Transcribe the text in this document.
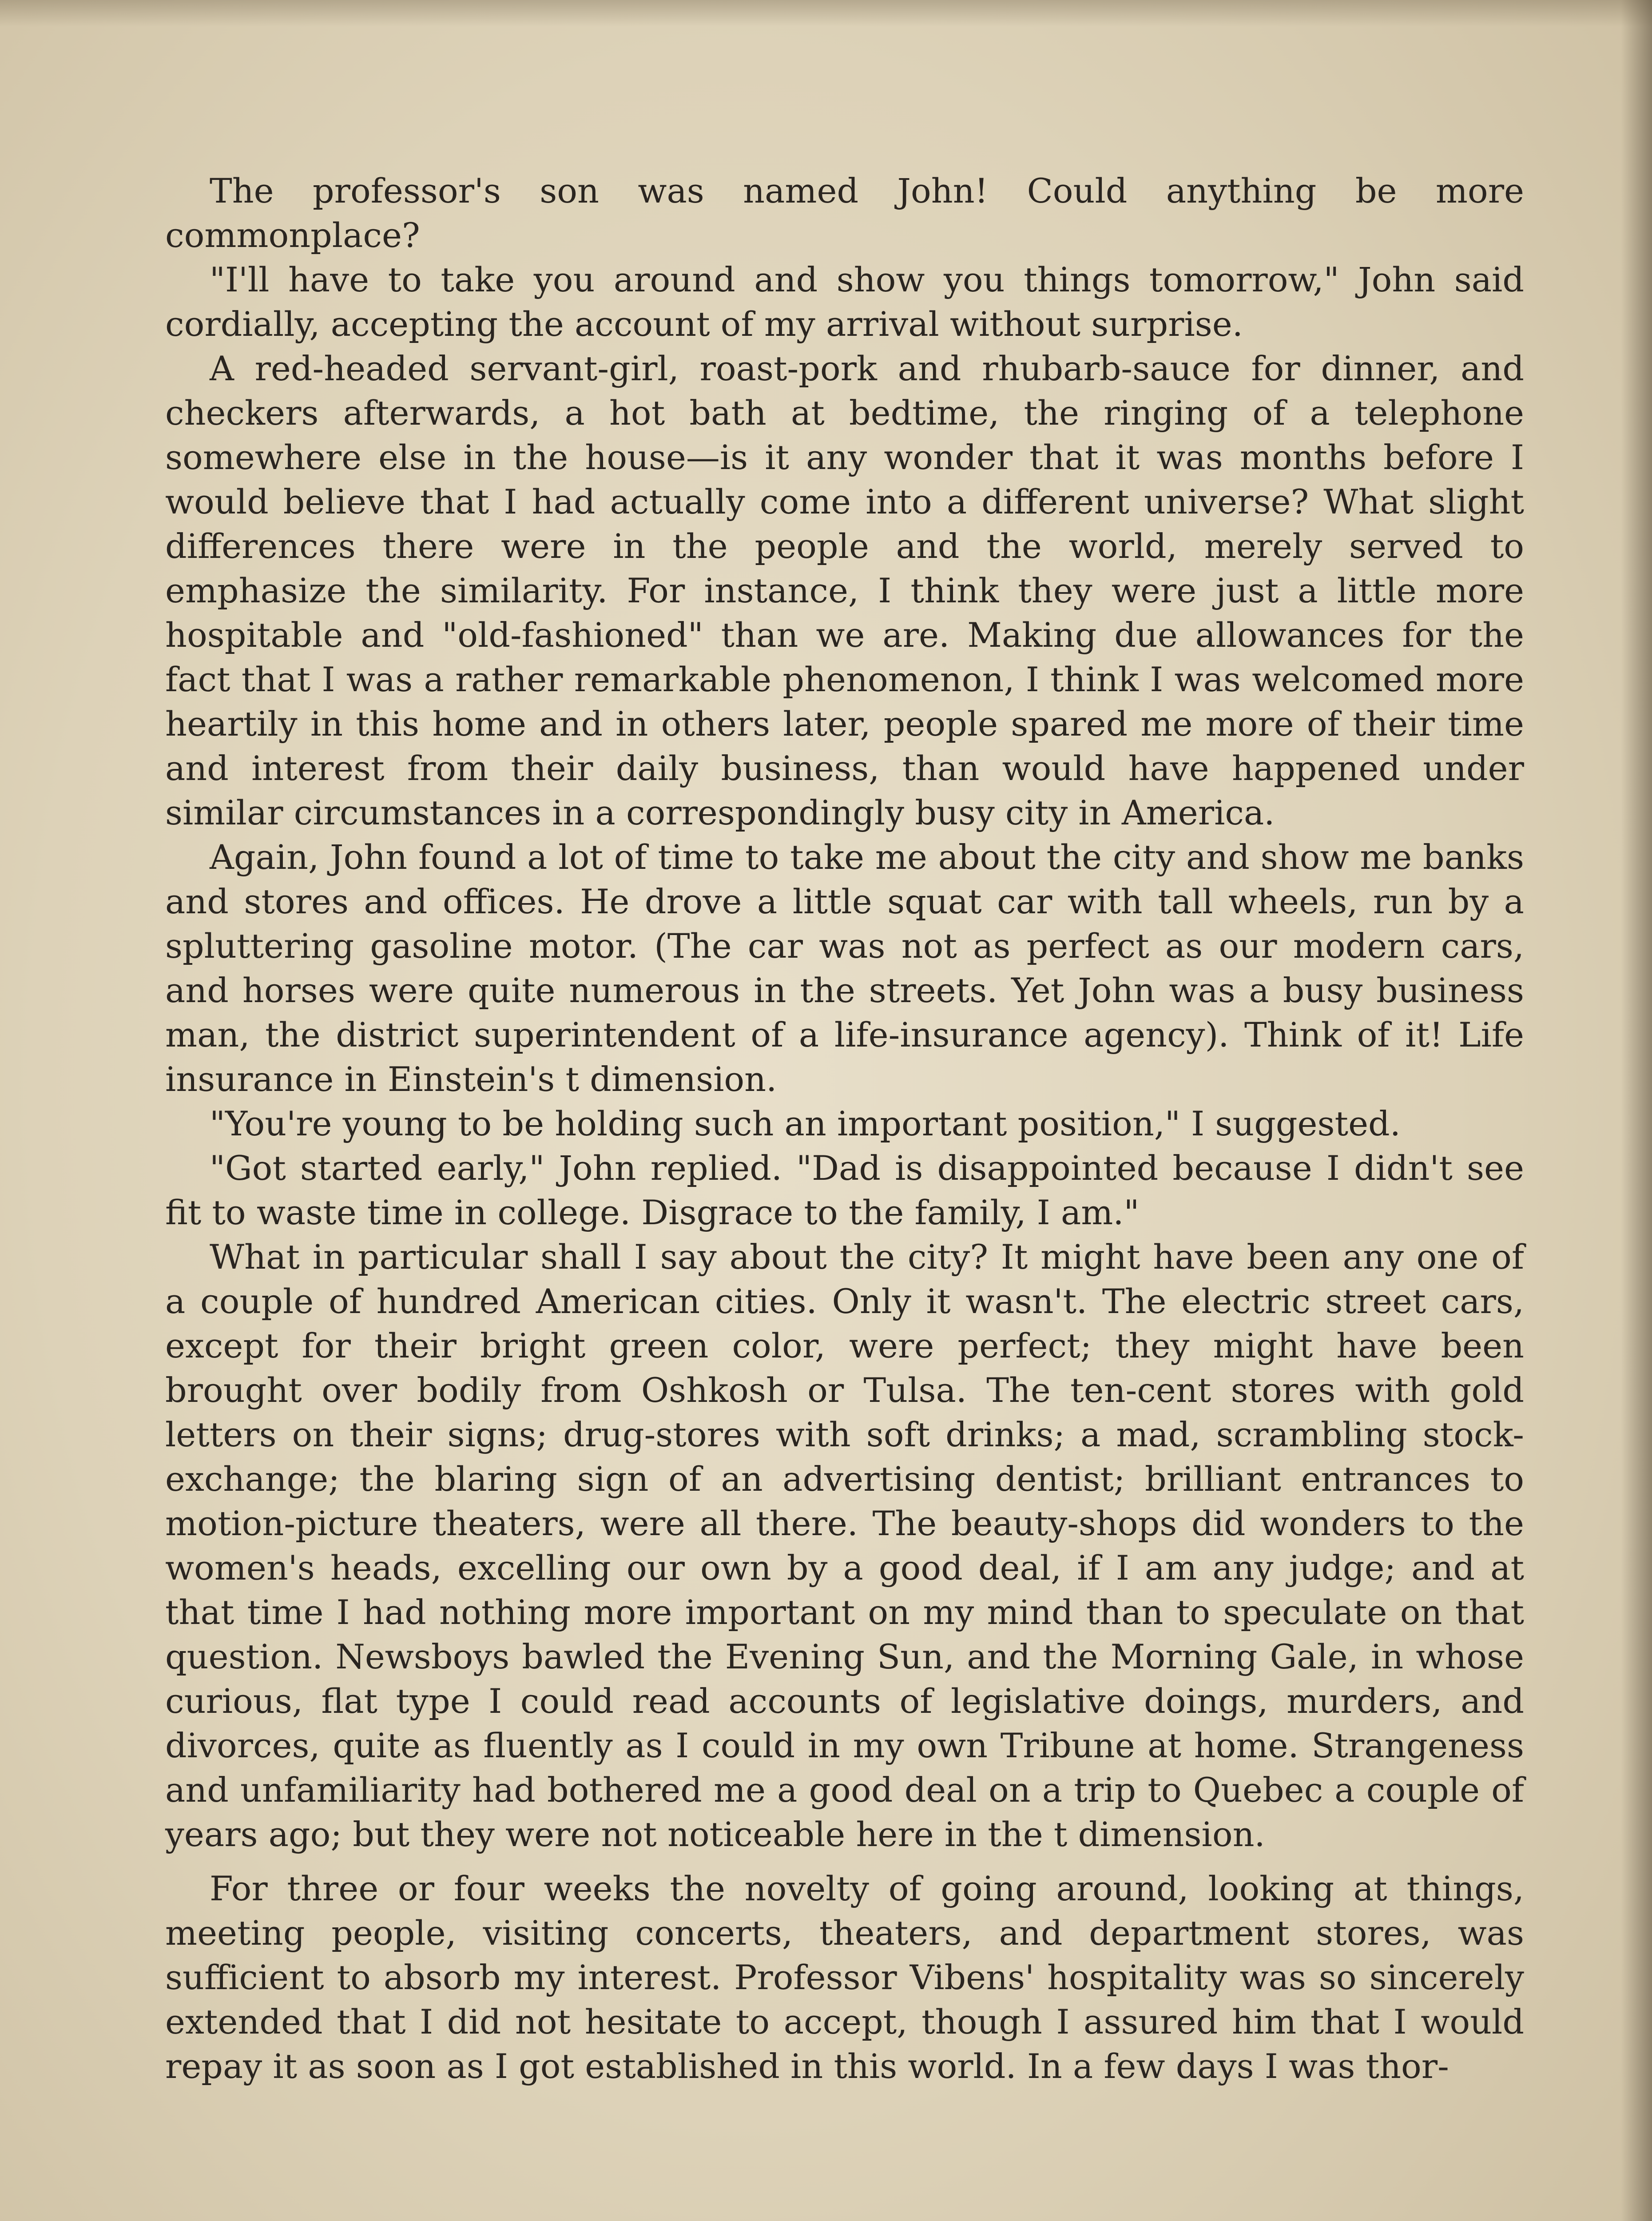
The professor's son was named John! Could anything be more commonplace?

"I'll have to take you around and show you things tomorrow," John said cordially, accepting the account of my arrival without surprise.

A red-headed servant-girl, roast-pork and rhubarb-sauce for dinner, and checkers afterwards, a hot bath at bedtime, the ringing of a telephone somewhere else in the house—is it any wonder that it was months before I would believe that I had actually come into a different universe? What slight differences there were in the people and the world, merely served to emphasize the similarity. For instance, I think they were just a little more hospitable and "old-fashioned" than we are. Making due allowances for the fact that I was a rather remarkable phenomenon, I think I was welcomed more heartily in this home and in others later, people spared me more of their time and interest from their daily business, than would have happened under similar circumstances in a correspondingly busy city in America.

Again, John found a lot of time to take me about the city and show me banks and stores and offices. He drove a little squat car with tall wheels, run by a spluttering gasoline motor. (The car was not as perfect as our modern cars, and horses were quite numerous in the streets. Yet John was a busy business man, the district superintendent of a life-insurance agency). Think of it! Life insurance in Einstein's t dimension.

"You're young to be holding such an important position," I suggested.

"Got started early," John replied. "Dad is disappointed because I didn't see fit to waste time in college. Disgrace to the family, I am."

What in particular shall I say about the city? It might have been any one of a couple of hundred American cities. Only it wasn't. The electric street cars, except for their bright green color, were perfect; they might have been brought over bodily from Oshkosh or Tulsa. The ten-cent stores with gold letters on their signs; drug-stores with soft drinks; a mad, scrambling stock-exchange; the blaring sign of an advertising dentist; brilliant entrances to motion-picture theaters, were all there. The beauty-shops did wonders to the women's heads, excelling our own by a good deal, if I am any judge; and at that time I had nothing more important on my mind than to speculate on that question. Newsboys bawled the Evening Sun, and the Morning Gale, in whose curious, flat type I could read accounts of legislative doings, murders, and divorces, quite as fluently as I could in my own Tribune at home. Strangeness and unfamiliarity had bothered me a good deal on a trip to Quebec a couple of years ago; but they were not noticeable here in the t dimension.

For three or four weeks the novelty of going around, looking at things, meeting people, visiting concerts, theaters, and department stores, was sufficient to absorb my interest. Professor Vibens' hospitality was so sincerely extended that I did not hesitate to accept, though I assured him that I would repay it as soon as I got established in this world. In a few days I was thor-
